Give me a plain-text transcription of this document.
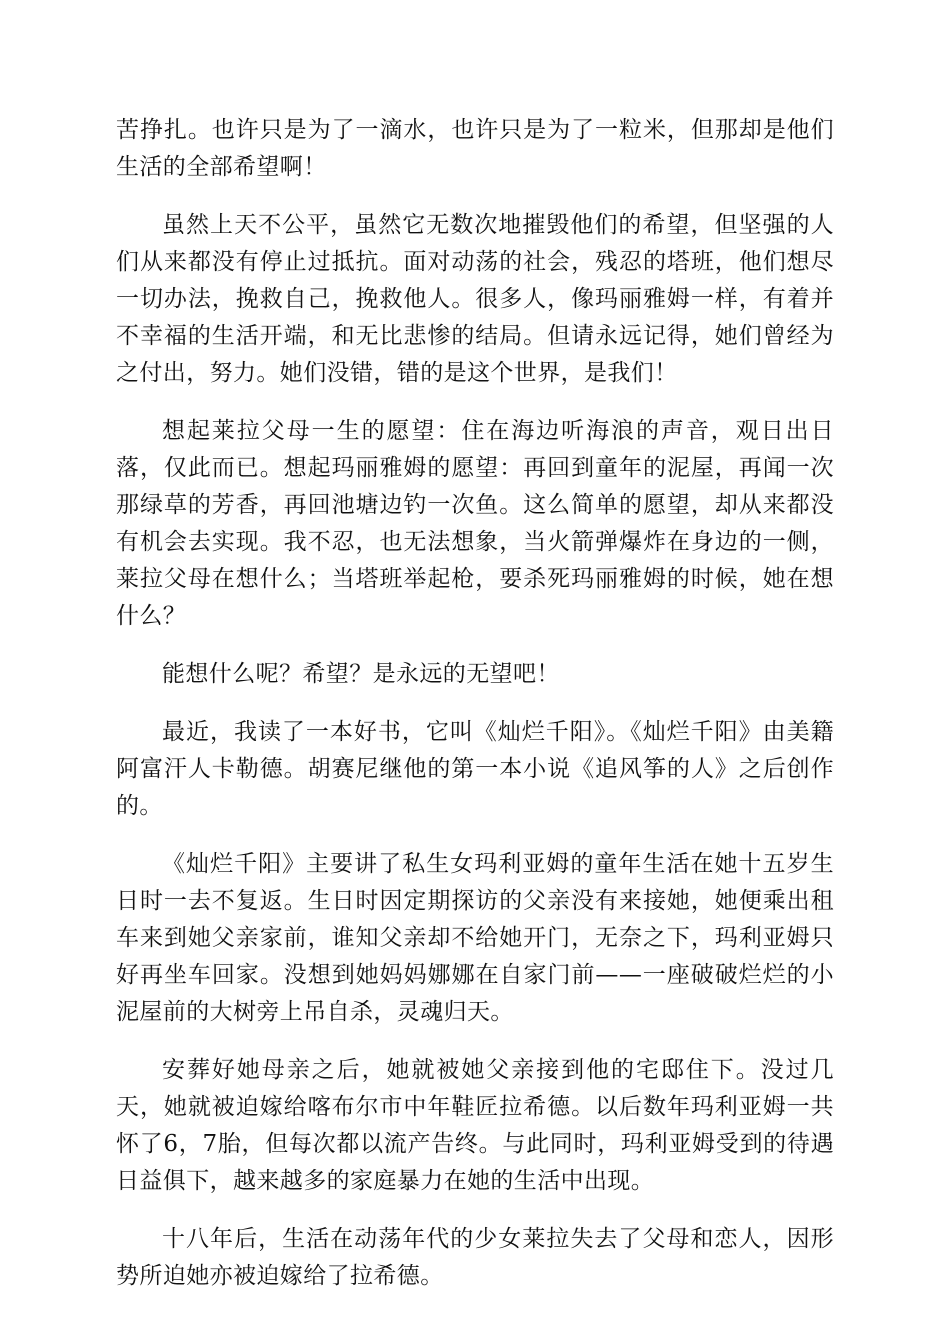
苦挣扎。也许只是为了一滴水，也许只是为了一粒米，但那却是他们生活的全部希望啊！

虽然上天不公平，虽然它无数次地摧毁他们的希望，但坚强的人们从来都没有停止过抵抗。面对动荡的社会，残忍的塔班，他们想尽一切办法，挽救自己，挽救他人。很多人，像玛丽雅姆一样，有着并不幸福的生活开端，和无比悲惨的结局。但请永远记得，她们曾经为之付出，努力。她们没错，错的是这个世界，是我们！

想起莱拉父母一生的愿望：住在海边听海浪的声音，观日出日落，仅此而已。想起玛丽雅姆的愿望：再回到童年的泥屋，再闻一次那绿草的芳香，再回池塘边钓一次鱼。这么简单的愿望，却从来都没有机会去实现。我不忍，也无法想象，当火箭弹爆炸在身边的一侧，莱拉父母在想什么；当塔班举起枪，要杀死玛丽雅姆的时候，她在想什么？

能想什么呢？希望？是永远的无望吧！

最近，我读了一本好书，它叫《灿烂千阳》。《灿烂千阳》由美籍阿富汗人卡勒德。胡赛尼继他的第一本小说《追风筝的人》之后创作的。

《灿烂千阳》主要讲了私生女玛利亚姆的童年生活在她十五岁生日时一去不复返。生日时因定期探访的父亲没有来接她，她便乘出租车来到她父亲家前，谁知父亲却不给她开门，无奈之下，玛利亚姆只好再坐车回家。没想到她妈妈娜娜在自家门前——一座破破烂烂的小泥屋前的大树旁上吊自杀，灵魂归天。

安葬好她母亲之后，她就被她父亲接到他的宅邸住下。没过几天，她就被迫嫁给喀布尔市中年鞋匠拉希德。以后数年玛利亚姆一共怀了6，7胎，但每次都以流产告终。与此同时，玛利亚姆受到的待遇日益俱下，越来越多的家庭暴力在她的生活中出现。

十八年后，生活在动荡年代的少女莱拉失去了父母和恋人，因形势所迫她亦被迫嫁给了拉希德。
